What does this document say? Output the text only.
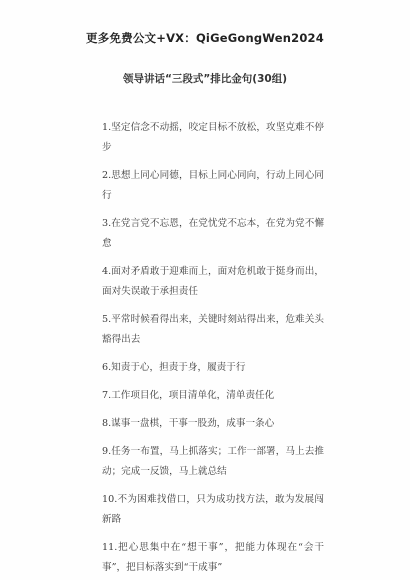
更多免费公文+VX：QiGeGongWen2024
领导讲话“三段式”排比金句(30组)

1.坚定信念不动摇，咬定目标不放松，攻坚克难不停步

2.思想上同心同德，目标上同心同向，行动上同心同行

3.在党言党不忘恩，在党忧党不忘本，在党为党不懈怠

4.面对矛盾敢于迎难而上，面对危机敢于挺身而出，面对失误敢于承担责任

5.平常时候看得出来，关键时刻站得出来，危难关头豁得出去

6.知责于心，担责于身，履责于行

7.工作项目化，项目清单化，清单责任化

8.谋事一盘棋，干事一股劲，成事一条心

9.任务一布置，马上抓落实；工作一部署，马上去推动；完成一反馈，马上就总结

10.不为困难找借口，只为成功找方法，敢为发展闯新路

11.把心思集中在“想干事”，把能力体现在“会干事”，把目标落实到“干成事”
